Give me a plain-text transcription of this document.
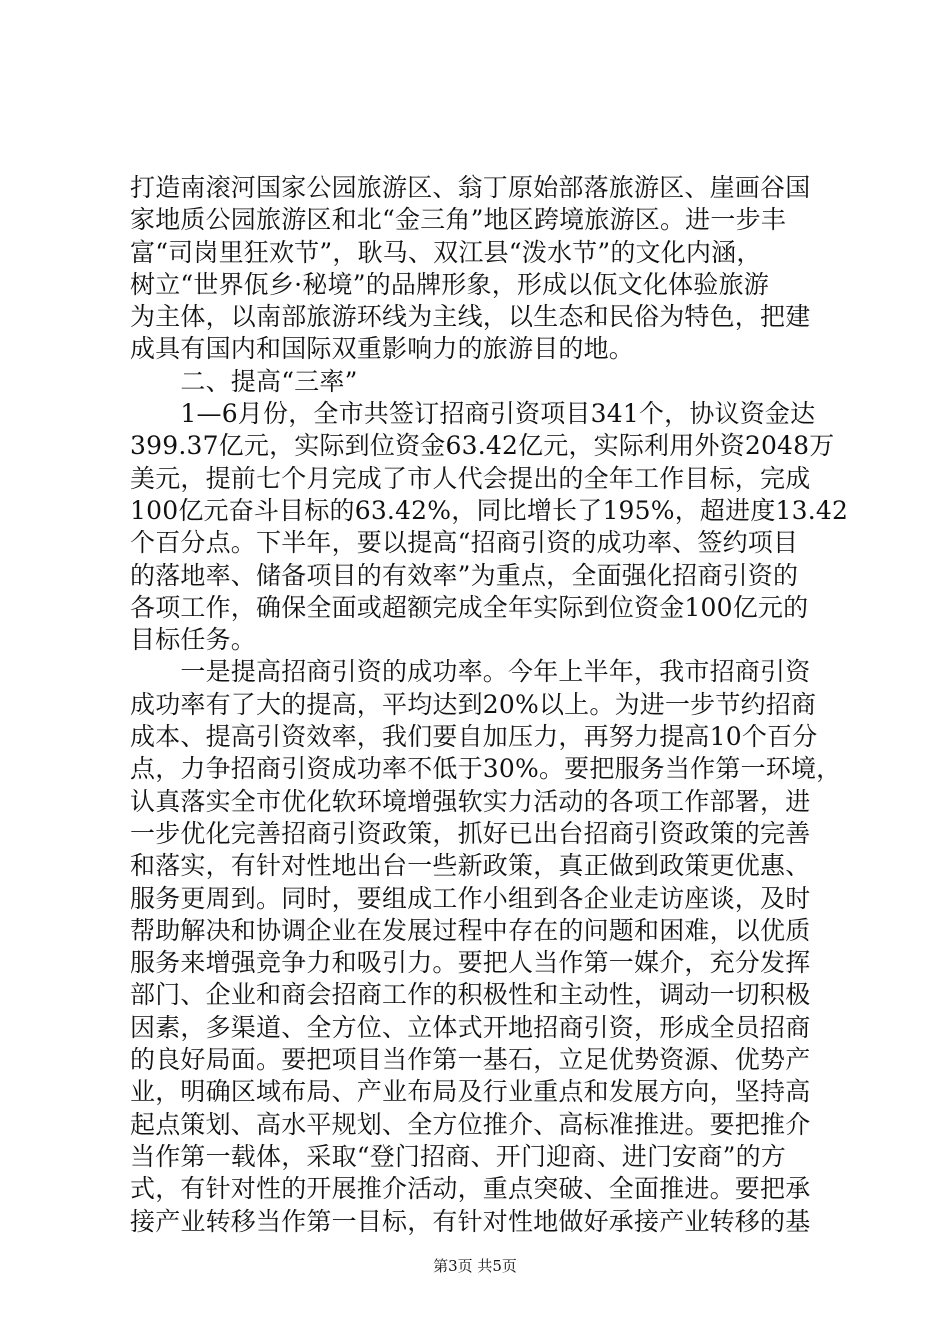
打造南滚河国家公园旅游区、翁丁原始部落旅游区、崖画谷国
家地质公园旅游区和北“金三角”地区跨境旅游区。进一步丰
富“司岗里狂欢节”，耿马、双江县“泼水节”的文化内涵，
树立“世界佤乡·秘境”的品牌形象，形成以佤文化体验旅游
为主体，以南部旅游环线为主线，以生态和民俗为特色，把建
成具有国内和国际双重影响力的旅游目的地。
　　二、提高“三率”
　　1—6月份，全市共签订招商引资项目341个，协议资金达
399.37亿元，实际到位资金63.42亿元，实际利用外资2048万
美元，提前七个月完成了市人代会提出的全年工作目标，完成
100亿元奋斗目标的63.42%，同比增长了195%，超进度13.42
个百分点。下半年，要以提高“招商引资的成功率、签约项目
的落地率、储备项目的有效率”为重点，全面强化招商引资的
各项工作，确保全面或超额完成全年实际到位资金100亿元的
目标任务。
　　一是提高招商引资的成功率。今年上半年，我市招商引资
成功率有了大的提高，平均达到20%以上。为进一步节约招商
成本、提高引资效率，我们要自加压力，再努力提高10个百分
点，力争招商引资成功率不低于30%。要把服务当作第一环境，
认真落实全市优化软环境增强软实力活动的各项工作部署，进
一步优化完善招商引资政策，抓好已出台招商引资政策的完善
和落实，有针对性地出台一些新政策，真正做到政策更优惠、
服务更周到。同时，要组成工作小组到各企业走访座谈，及时
帮助解决和协调企业在发展过程中存在的问题和困难，以优质
服务来增强竞争力和吸引力。要把人当作第一媒介，充分发挥
部门、企业和商会招商工作的积极性和主动性，调动一切积极
因素，多渠道、全方位、立体式开地招商引资，形成全员招商
的良好局面。要把项目当作第一基石，立足优势资源、优势产
业，明确区域布局、产业布局及行业重点和发展方向，坚持高
起点策划、高水平规划、全方位推介、高标准推进。要把推介
当作第一载体，采取“登门招商、开门迎商、进门安商”的方
式，有针对性的开展推介活动，重点突破、全面推进。要把承
接产业转移当作第一目标，有针对性地做好承接产业转移的基
第3页 共5页
